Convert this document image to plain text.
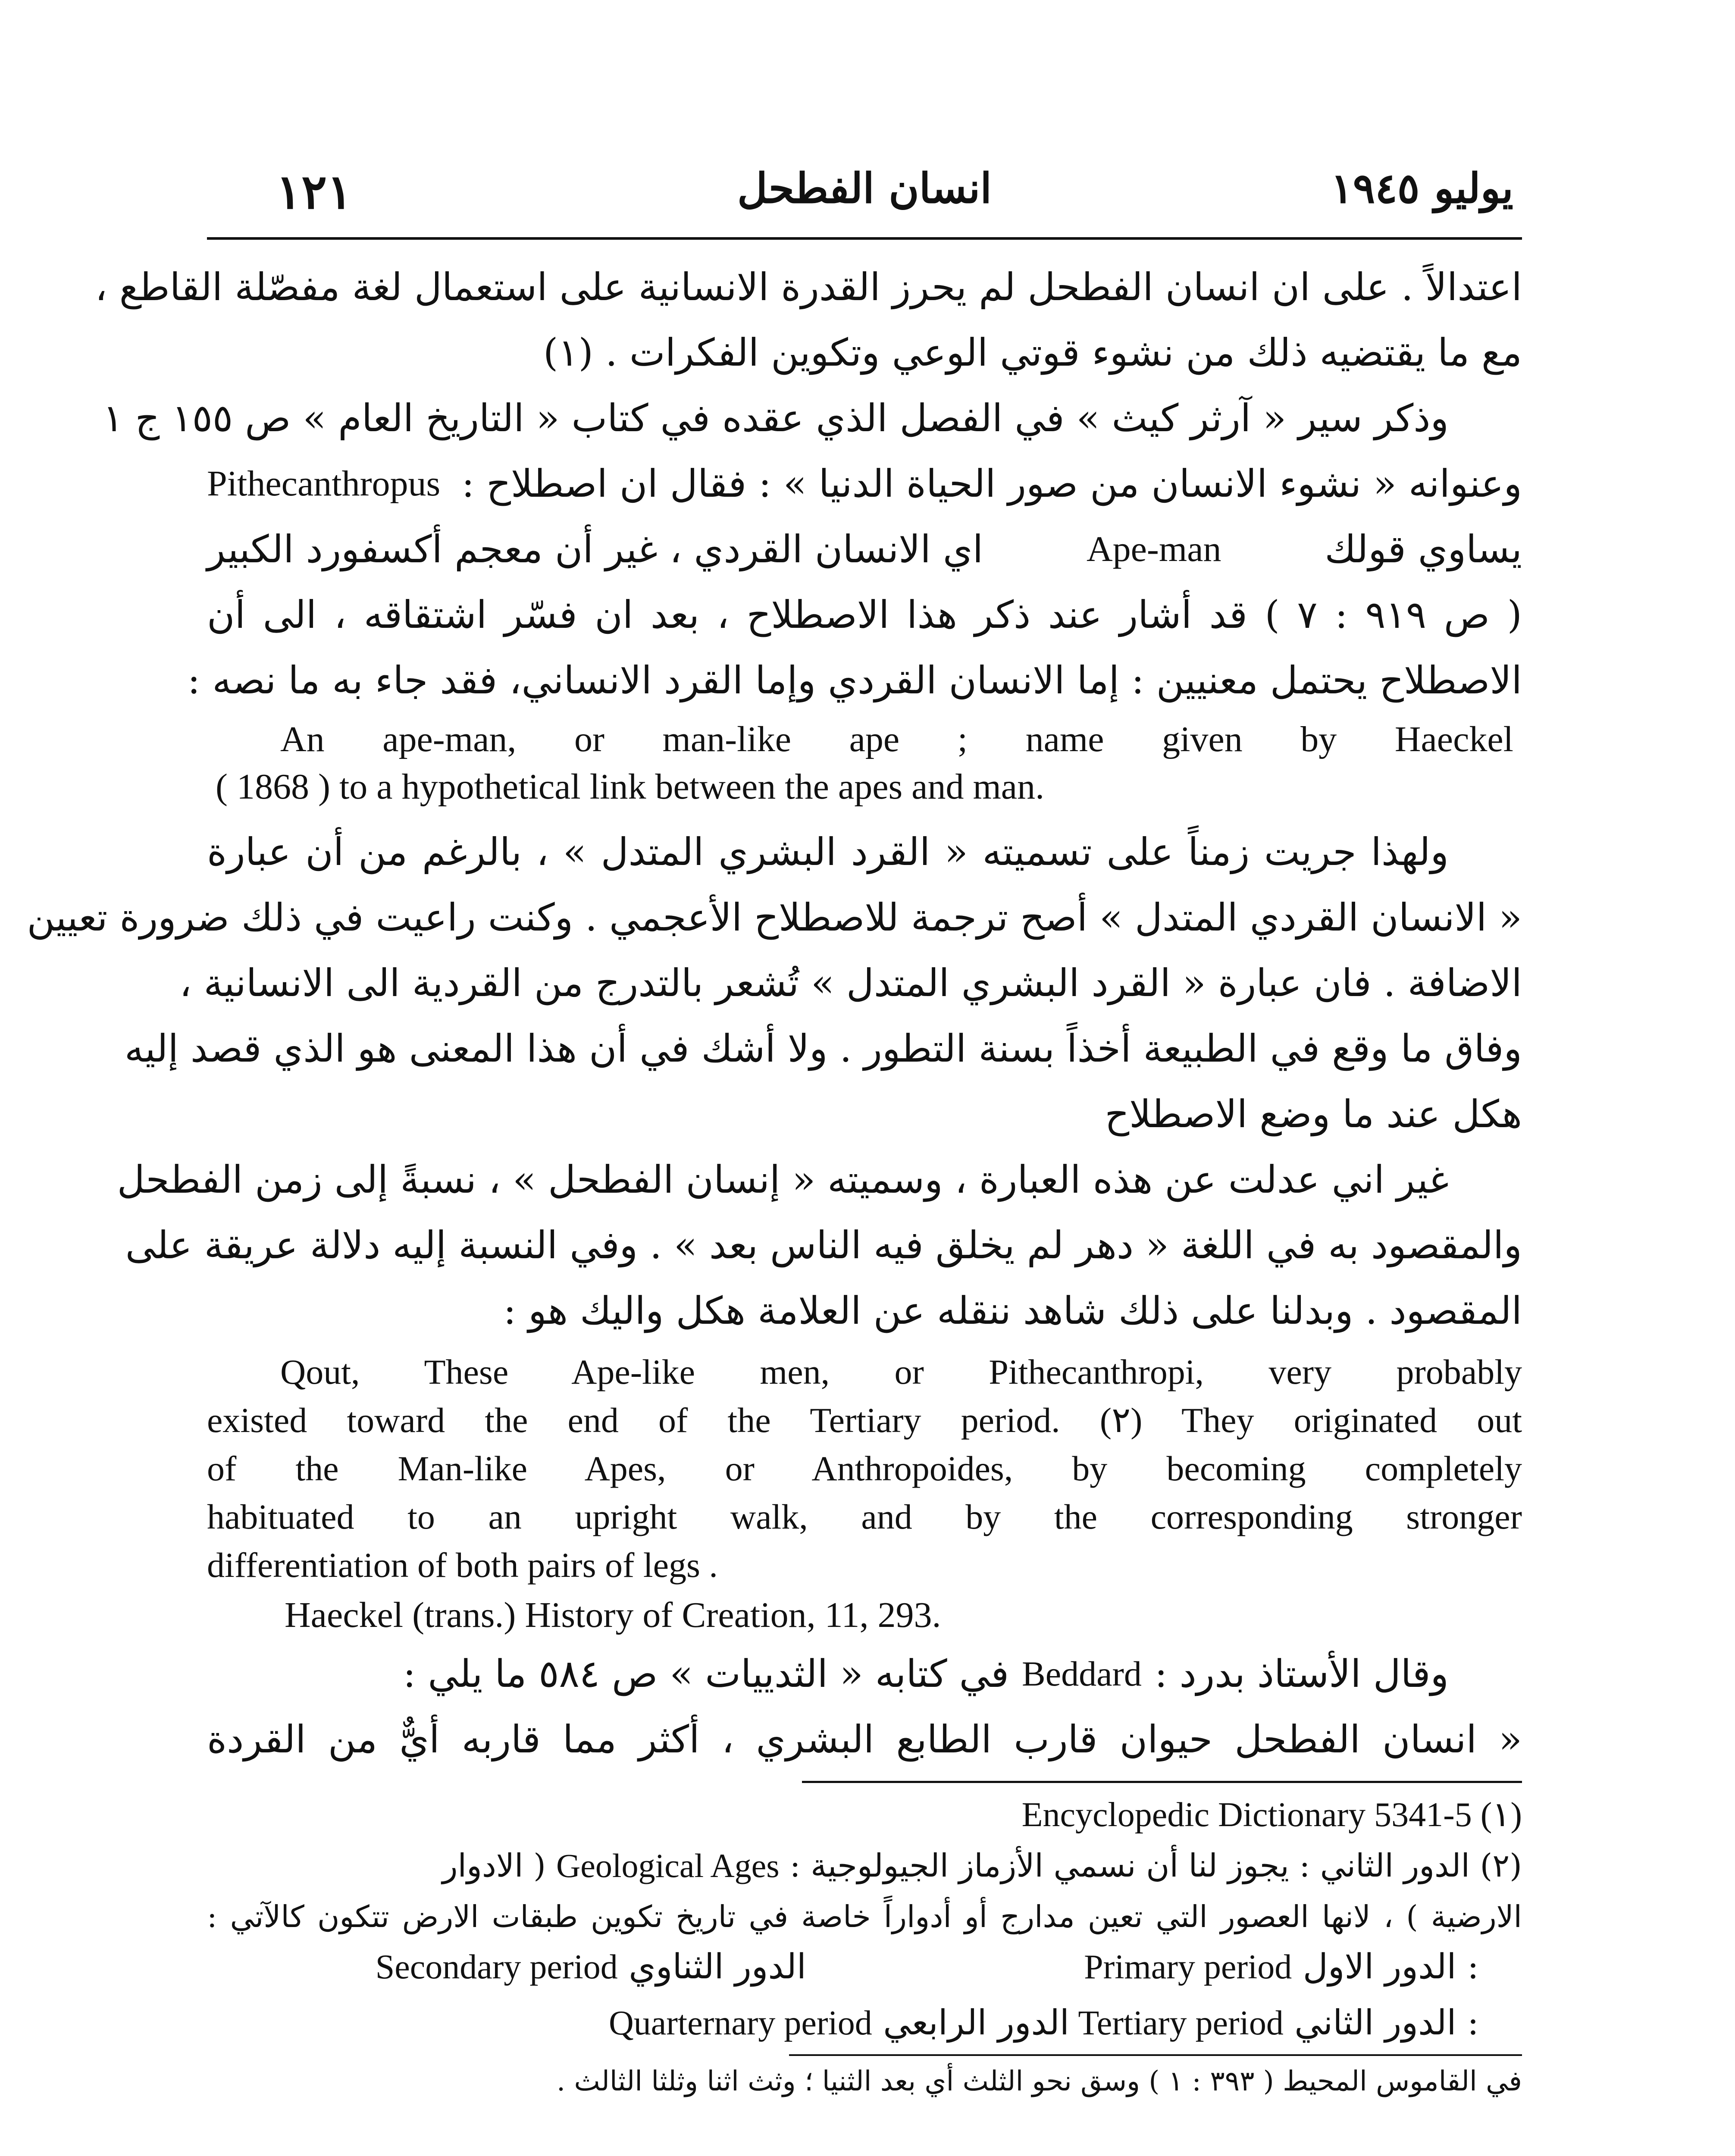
يوليو ١٩٤٥
انسان الفطحل
١٢١
اعتدالاً . على ان انسان الفطحل لم يحرز القدرة الانسانية على استعمال لغة مفصّلة القاطع ،
مع ما يقتضيه ذلك من نشوء قوتي الوعي وتكوين الفكرات . (١)
وذكر سير « آرثر كيث » في الفصل الذي عقده في كتاب « التاريخ العام » ص ١٥٥ ج ١
وعنوانه « نشوء الانسان من صور الحياة الدنيا » : فقال ان اصطلاح :
Pithecanthropus
يساوي قولك
Ape-man
اي الانسان القردي ، غير أن معجم أكسفورد الكبير
( ص ٩١٩ : ٧ ) قد أشار عند ذكر هذا الاصطلاح ، بعد ان فسّر اشتقاقه ، الى أن
الاصطلاح يحتمل معنيين : إما الانسان القردي وإما القرد الانساني، فقد جاء به ما نصه :
An ape-man, or man-like ape ; name given by Haeckel
( 1868 ) to a hypothetical link between the apes and man.
ولهذا جريت زمناً على تسميته « القرد البشري المتدل » ، بالرغم من أن عبارة
« الانسان القردي المتدل » أصح ترجمة للاصطلاح الأعجمي . وكنت راعيت في ذلك ضرورة تعيين
الاضافة . فان عبارة « القرد البشري المتدل » تُشعر بالتدرج من القردية الى الانسانية ،
وفاق ما وقع في الطبيعة أخذاً بسنة التطور . ولا أشك في أن هذا المعنى هو الذي قصد إليه
هكل عند ما وضع الاصطلاح
غير اني عدلت عن هذه العبارة ، وسميته « إنسان الفطحل » ، نسبةً إلى زمن الفطحل
والمقصود به في اللغة « دهر لم يخلق فيه الناس بعد » . وفي النسبة إليه دلالة عريقة على
المقصود . وبدلنا على ذلك شاهد ننقله عن العلامة هكل واليك هو :
Qout, These Ape-like men, or Pithecanthropi, very probably
existed toward the end of the Tertiary period. (٢) They originated out
of the Man-like Apes, or Anthropoides, by becoming completely
habituated to an upright walk, and by the corresponding stronger
differentiation of both pairs of legs .
Haeckel (trans.) History of Creation, 11, 293.
وقال الأستاذ بدرد :
Beddard
في كتابه « الثدييات » ص ٥٨٤ ما يلي :
« انسان الفطحل حيوان قارب الطابع البشري ، أكثر مما قاربه أيٌّ من القردة
Encyclopedic Dictionary 5341-5 (١)
(٢) الدور الثاني : يجوز لنا أن نسمي الأزماز الجيولوجية :
Geological Ages
( الادوار
الارضية ) ، لانها العصور التي تعين مدارج أو أدواراً خاصة في تاريخ تكوين طبقات الارض تتكون كالآتي :
Primary period الدور الاول :
Secondary period الدور الثناوي
Tertiary period الدور الثاني :
Quarternary period الدور الرابعي
في القاموس المحيط ( ٣٩٣ : ١ ) وسق نحو الثلث أي بعد الثنيا ؛ وثث اثنا وثلثا الثالث .
